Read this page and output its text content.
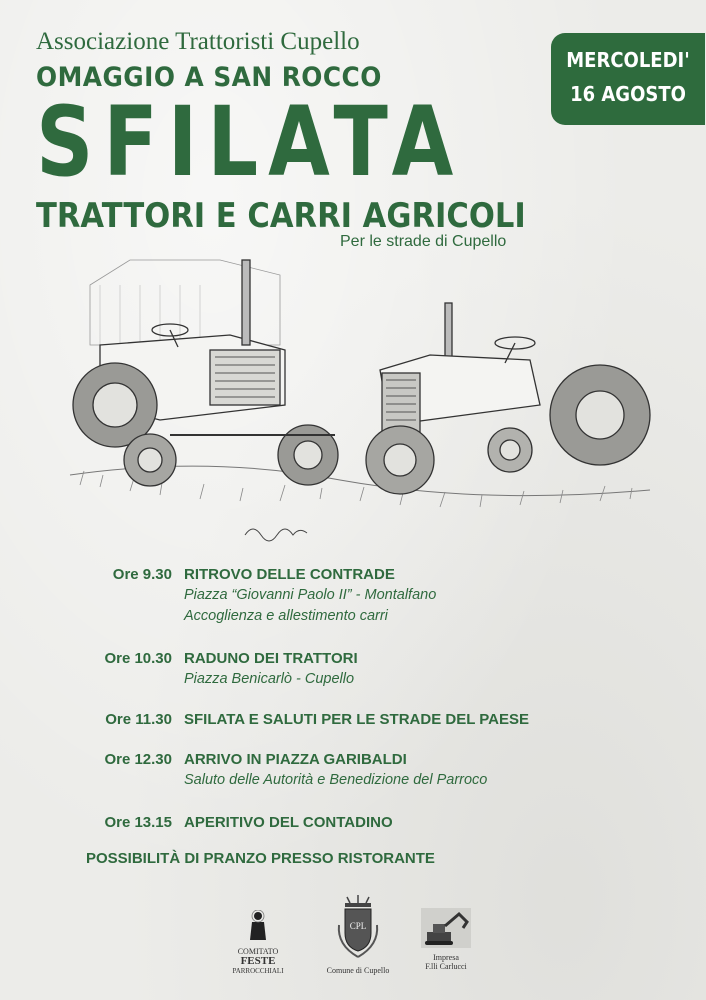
Associazione Trattoristi Cupello
OMAGGIO A SAN ROCCO
SFILATA
TRATTORI E CARRI AGRICOLI
Per le strade di Cupello
MERCOLEDI'
16 AGOSTO
Ore 9.30 RITROVO DELLE CONTRADE
Piazza “Giovanni Paolo II” - Montalfano
Accoglienza e allestimento carri
Ore 10.30 RADUNO DEI TRATTORI
Piazza Benicarlò - Cupello
Ore 11.30 SFILATA E SALUTI PER LE STRADE DEL PAESE
Ore 12.30 ARRIVO IN PIAZZA GARIBALDI
Saluto delle Autorità e Benedizione del Parroco
Ore 13.15 APERITIVO DEL CONTADINO
POSSIBILITÀ DI PRANZO PRESSO RISTORANTE
COMITATO
FESTE
PARROCCHIALI
CPL
Comune di Cupello
Impresa
F.lli Carlucci
